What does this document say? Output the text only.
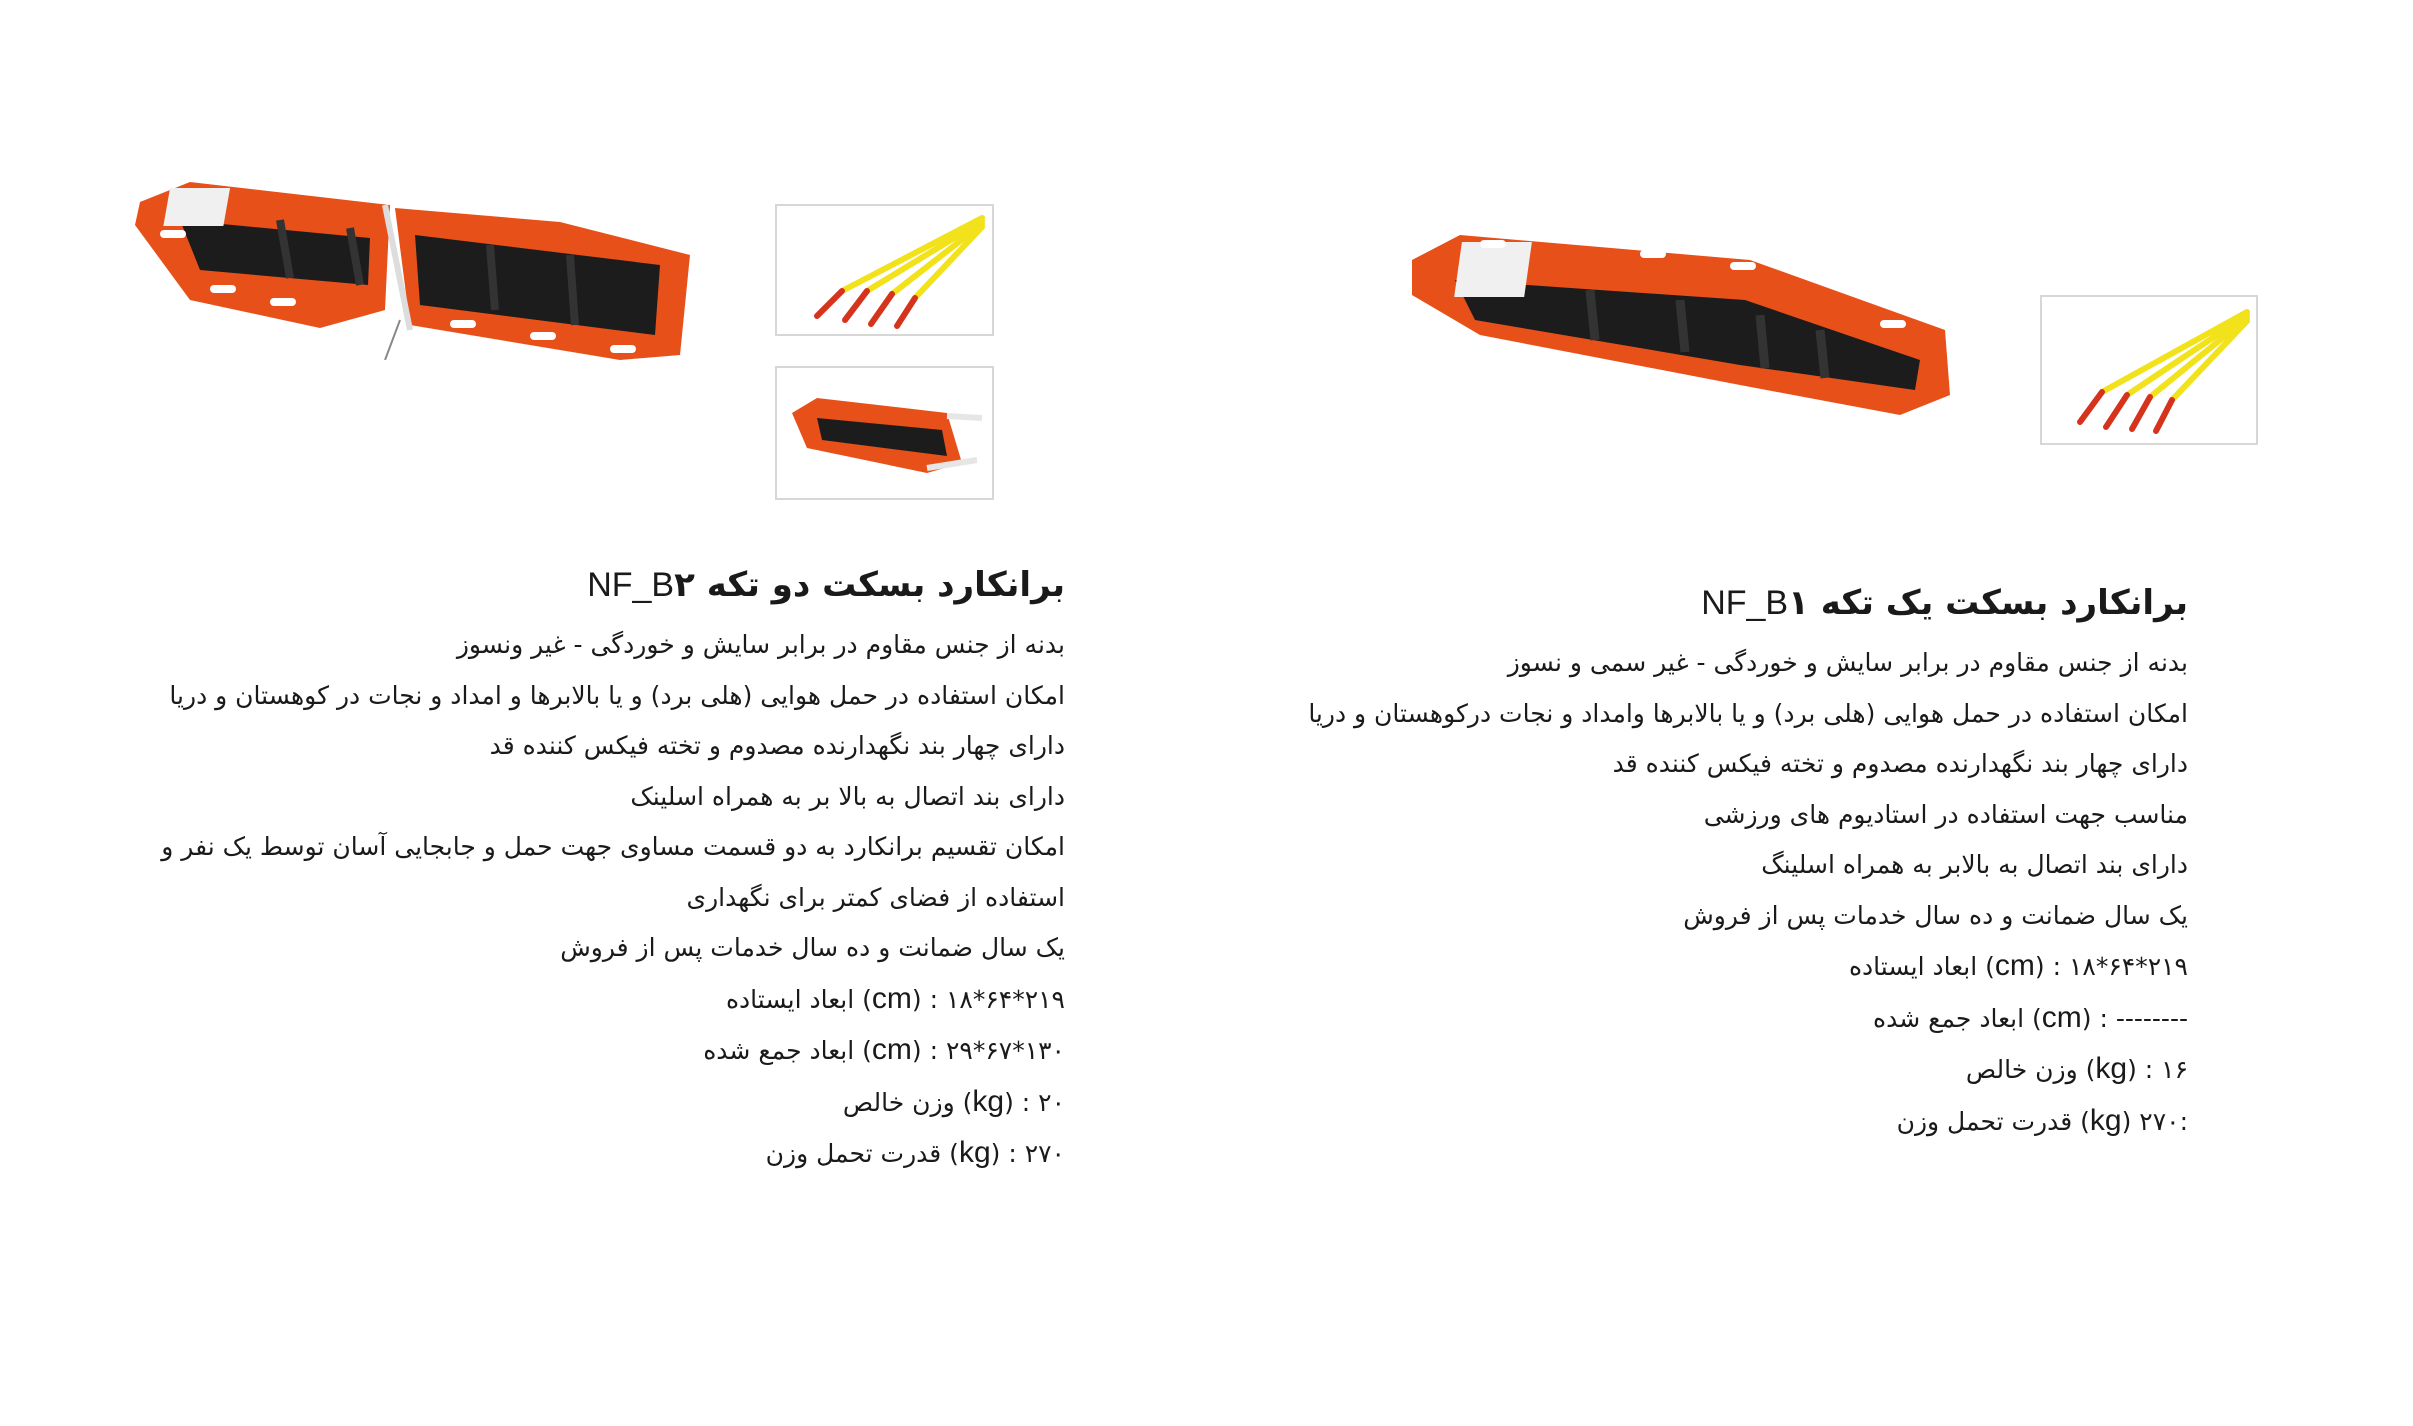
برانکارد بسکت دو تکه ۲NF_B

بدنه از جنس مقاوم در برابر سایش و خوردگی - غیر ونسوز

امکان استفاده در حمل هوایی (هلی برد) و یا بالابرها و امداد و نجات در کوهستان و دریا

دارای چهار بند نگهدارنده مصدوم و تخته فیکس کننده قد

دارای بند اتصال به بالا بر به همراه اسلینک

امکان تقسیم برانکارد به دو قسمت مساوی جهت حمل و جابجایی آسان توسط یک نفر و

استفاده از فضای کمتر برای نگهداری

یک سال ضمانت و ده سال خدمات پس از فروش

۲۱۹*۶۴*۱۸ : (cm) ابعاد ایستاده

۱۳۰*۶۷*۲۹ : (cm) ابعاد جمع شده

۲۰ : (kg) وزن خالص

۲۷۰ : (kg) قدرت تحمل وزن

برانکارد بسکت یک تکه ۱NF_B

بدنه از جنس مقاوم در برابر سایش و خوردگی - غیر سمی و نسوز

امکان استفاده در حمل هوایی (هلی برد) و یا بالابرها وامداد و نجات درکوهستان و دریا

دارای چهار بند نگهدارنده مصدوم و تخته فیکس کننده قد

مناسب جهت استفاده در استادیوم های ورزشی

دارای بند اتصال به بالابر به همراه اسلینگ

یک سال ضمانت و ده سال خدمات پس از فروش

۲۱۹*۶۴*۱۸ : (cm) ابعاد ایستاده

-------- : (cm) ابعاد جمع شده

۱۶ : (kg) وزن خالص

:۲۷۰ (kg) قدرت تحمل وزن
